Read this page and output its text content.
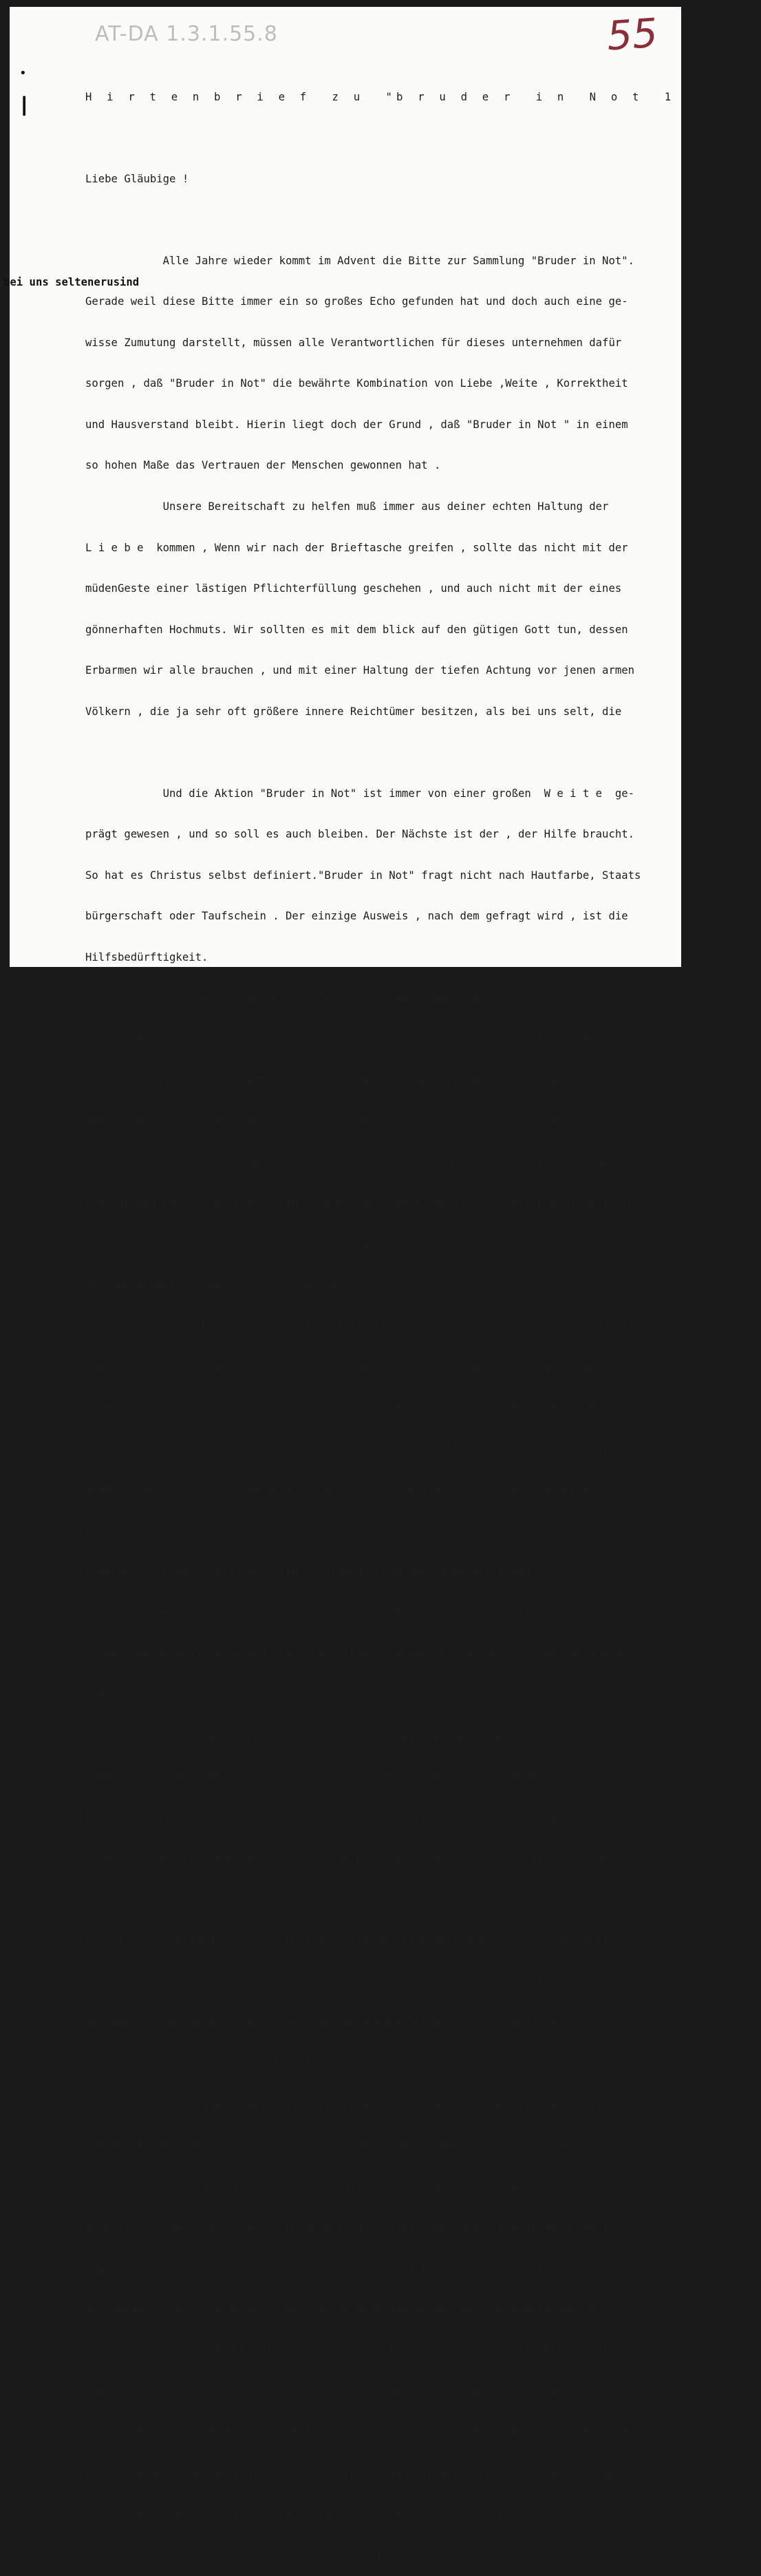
AT-DA 1.3.1.55.8	55
•
┃

	H i r t e n b r i e f  z u  "b r u d e r  i n  N o t  1 9 8 5 "

Liebe Gläubige !

Alle Jahre wieder kommt im Advent die Bitte zur Sammlung "Bruder in Not".

Gerade weil diese Bitte immer ein so großes Echo gefunden hat und doch auch eine ge-

wisse Zumutung darstellt, müssen alle Verantwortlichen für dieses unternehmen dafür

sorgen , daß "Bruder in Not" die bewährte Kombination von Liebe ,Weite , Korrektheit

und Hausverstand bleibt. Hierin liegt doch der Grund , daß "Bruder in Not " in einem

so hohen Maße das Vertrauen der Menschen gewonnen hat .

Unsere Bereitschaft zu helfen muß immer aus deiner echten Haltung der

L i e b e  kommen , Wenn wir nach der Brieftasche greifen , sollte das nicht mit der

müdenGeste einer lästigen Pflichterfüllung geschehen , und auch nicht mit der eines

gönnerhaften Hochmuts. Wir sollten es mit dem blick auf den gütigen Gott tun, dessen

Erbarmen wir alle brauchen , und mit einer Haltung der tiefen Achtung vor jenen armen

Völkern , die ja sehr oft größere innere Reichtümer besitzen, als bei uns selt, die

Und die Aktion "Bruder in Not" ist immer von einer großen  W e i t e  ge-

prägt gewesen , und so soll es auch bleiben. Der Nächste ist der , der Hilfe braucht.

So hat es Christus selbst definiert."Bruder in Not" fragt nicht nach Hautfarbe, Staats

bürgerschaft oder Taufschein . Der einzige Ausweis , nach dem gefragt wird , ist die

Hilfsbedürftigkeit.

Ein Punkt , auf den die Spender mit Recht wert legen , ist die  K o r

r e k t h e i t  des Unternehmens "Bruder in Not" . Das heißt , daß alle Projekte ,

die ja aus aller Welt zusammenfließen , sorgfältig geprüft werden, daß man nach der

möglichen Eigenleistung der Betroffenen fragt , daß für die Verwaltung der sparsamste

Aufwand gelten muß , und daß es auch eine wirksame , wenn auch nicht mißtrauische

Überwachung der Mistellten Aufgaben geben soll. Wenn von Zeit zu Zeit Großprojekte in

Übersee überprüft werden , dann werden übrigens die Reisekosten des Fachmannes  nicht

aus den Bruder-in -Not-Mitteln finanziert .

Und schließlich will diese Aktion Hilfe mit  H a u s v e r s t a n d  bie-

ten . In besonderer Weise wird also Hilfe bevorzugt , die die Bedürftigen befähigt ,

sich selber zu helfen . Das ist der Grund , warum Schulungsprojekte in den Vorder-

grund rücken . Es nützt wenig , Maschinen oder Pumpen zu liefern , wenn drüben nie-

mand die Anweisungen zed Handhabung lesen kann , weil es fast nur Analphabeten gibt.

Es bringt nicht sehr viel , Getreide zu verteilen , wenn verbesserte Anbaumethoden

unbekannt bleiben , die teuersten Instrumente und Medikamente bleiben

ungenützt ,wenn es kein geschultes Personal für Pflege und Gesundheitsdienst gibt.

Darum sind auch die heurigen Projekte vornehmlich nach diesen Gesichtspunkten ausge-

wählt.

1. Das erste Projekt betrifft Äthiopien . Es geht dabei um die Ausbildung

einheimischer Mitarbeiter im Kranken-und Gesundheitsdienst in einem Hospital in der

Provinz Shoa . Es ist eines der ärmsten Gebiete der Erde. 6o % der ungefähr eine Mil-

lion zählenden Einwohner müssen mit einem Monatseinkommen von loo Schilling  leben.

Das Attat- Hospital ist so etwas wie eine Insel der Hoffnung . Mit diesem  Projekt

betreten wir übrigens die Spuren einer der großartigsten Frauen Tirols , der Mutter

Anna  Dengel aus Steeg im Lechtal . Das genannte Spital , das ganz in ihrem Sinne im-

mer mehr von einheimischen Fachkräften übernommen werden soll, wird von den missions-

ärztlichen Schwestern geleitet , die sie gegründet hat .

2. Auch das zweite Projekt schlägt eine Brücke zu zwei Tiroler Missionären

Die beiden Herz-Jesu- Missionäre P. Hans Schmid und P. Hans Zangerle aus dem Paznaun

arbeiten in der Pfarre Belmonte, in Brasilien . die Pfarrei ist etwa halb so groß wie

Nordtirol . Über die sozialen Zustände in Brasilien sind nähere Erklärungen überflüs-

sig . Bischof Kräutler sowie die Kardinäle Arns und Lorscheiter sind in unserer Hei-

mat bekannt . Auch in Belmonte geht es um eine Hebung der menschenunwürdigen Verhält-

nisse des Großteils der Bevölkerung . Und auch hier ist das wichtigste Erfordernis

ein Bildungszentrum , das von Katechistenausbildung bis Hygienekurs vom ABC -

Unterricht bis zum Nähkurs alle Hilfen bieten soll. Nur auf diese Weise kann eine Ver-

besserung der Lage auf weite Sicht erreicht werden . Die Errichtung dieses Zentrums

für die Riesenpfarre wird übrigens etwa so viel kosten wie eine besche

kosten wie ein Kirchendach oder nicht allzu große Orgel in Tirol .

bei uns seltenerusind
